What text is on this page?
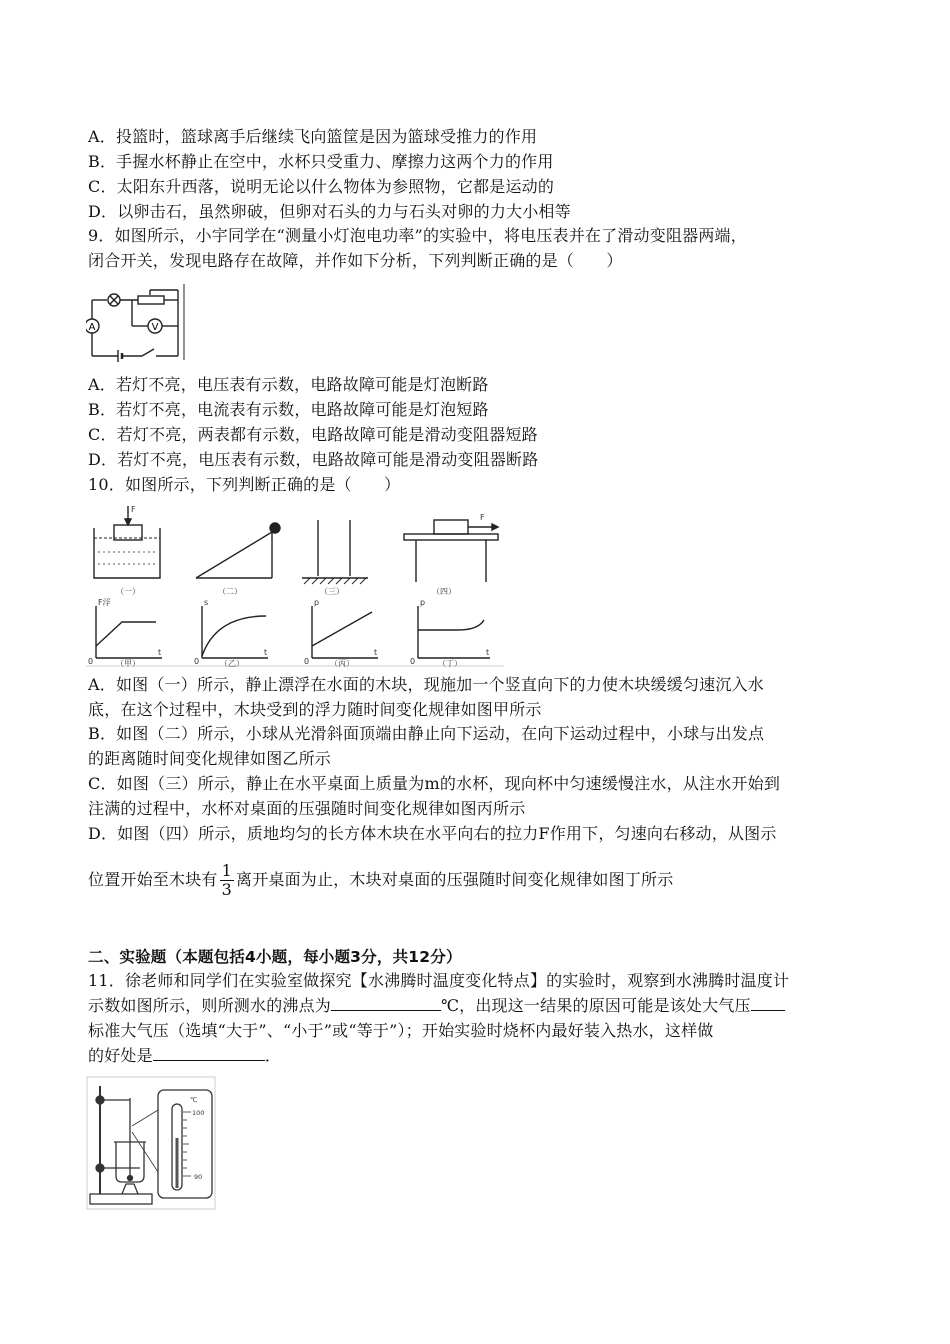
A．投篮时，篮球离手后继续飞向篮筐是因为篮球受推力的作用
B．手握水杯静止在空中，水杯只受重力、摩擦力这两个力的作用
C．太阳东升西落，说明无论以什么物体为参照物，它都是运动的
D．以卵击石，虽然卵破，但卵对石头的力与石头对卵的力大小相等
9．如图所示，小宇同学在“测量小灯泡电功率”的实验中，将电压表并在了滑动变阻器两端，
闭合开关，发现电路存在故障，并作如下分析，下列判断正确的是（　　）
A	V
A．若灯不亮，电压表有示数，电路故障可能是灯泡断路
B．若灯不亮，电流表有示数，电路故障可能是灯泡短路
C．若灯不亮，两表都有示数，电路故障可能是滑动变阻器短路
D．若灯不亮，电压表有示数，电路故障可能是滑动变阻器断路
10．如图所示，下列判断正确的是（　　）
F
F
（一）	（二）	（三）	（四）
F浮
t
0	（甲）
s
t
0	（乙）
p
t
0	（丙）
p
t
0	（丁）
A．如图（一）所示，静止漂浮在水面的木块，现施加一个竖直向下的力使木块缓缓匀速沉入水
底，在这个过程中，木块受到的浮力随时间变化规律如图甲所示
B．如图（二）所示，小球从光滑斜面顶端由静止向下运动，在向下运动过程中，小球与出发点
的距离随时间变化规律如图乙所示
C．如图（三）所示，静止在水平桌面上质量为m的水杯，现向杯中匀速缓慢注水，从注水开始到
注满的过程中，水杯对桌面的压强随时间变化规律如图丙所示
D．如图（四）所示，质地均匀的长方体木块在水平向右的拉力F作用下，匀速向右移动，从图示
位置开始至木块有 $\frac{1}{3}$ 离开桌面为止，木块对桌面的压强随时间变化规律如图丁所示
二、实验题（本题包括4小题，每小题3分，共12分）
11．徐老师和同学们在实验室做探究【水沸腾时温度变化特点】的实验时，观察到水沸腾时温度计
示数如图所示，则所测水的沸点为	℃，出现这一结果的原因可能是该处大气压
标准大气压（选填“大于”、“小于”或“等于”）；开始实验时烧杯内最好装入热水，这样做
的好处是	．
℃
100
90
